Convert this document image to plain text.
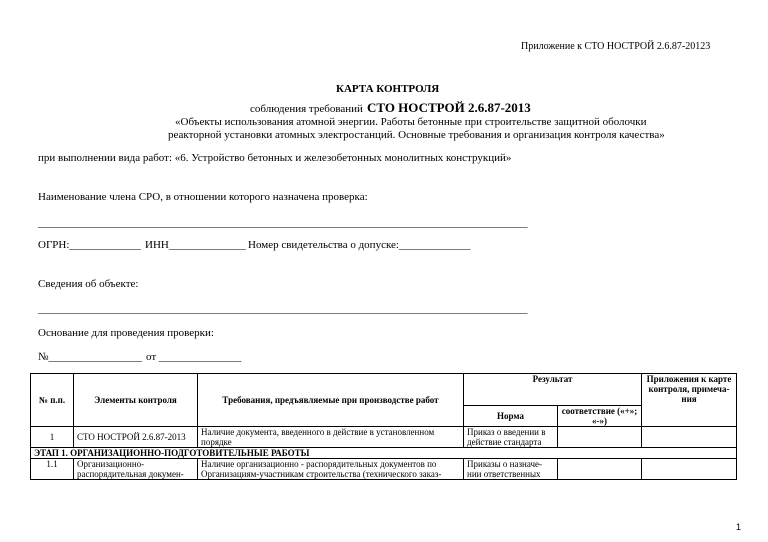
Приложение к СТО НОСТРОЙ 2.6.87-20123
КАРТА КОНТРОЛЯ
соблюдения требований СТО НОСТРОЙ 2.6.87-2013
«Объекты использования атомной энергии. Работы бетонные при строительстве защитной оболочки
реакторной установки атомных электростанций. Основные требования и организация контроля качества»
при выполнении вида работ: «6. Устройство бетонных и железобетонных монолитных конструкций»
Наименование члена СРО, в отношении которого назначена проверка:
_________________________________________________________________________________________
ОГРН:_____________ ИНН______________ Номер свидетельства о допуске:_____________
Сведения об объекте:
_________________________________________________________________________________________
Основание для проведения проверки:
№_________________ от _______________
№ п.п.	Элементы контроля	Требования, предъявляемые при производстве работ	Результат		Приложения к карте контроля, примеча-ния
			Норма	соответствие («+»; «-»)	
1	СТО НОСТРОЙ 2.6.87-2013	Наличие документа, введенного в действие в установленном порядке	Приказ о введении в действие стандарта		
ЭТАП 1. ОРГАНИЗАЦИОННО-ПОДГОТОВИТЕЛЬНЫЕ РАБОТЫ					
1.1	Организационно-распорядительная докумен-	Наличие организационно - распорядительных документов по Организациям-участникам строительства (технического заказ-	Приказы о назначе-нии ответственных		
1
